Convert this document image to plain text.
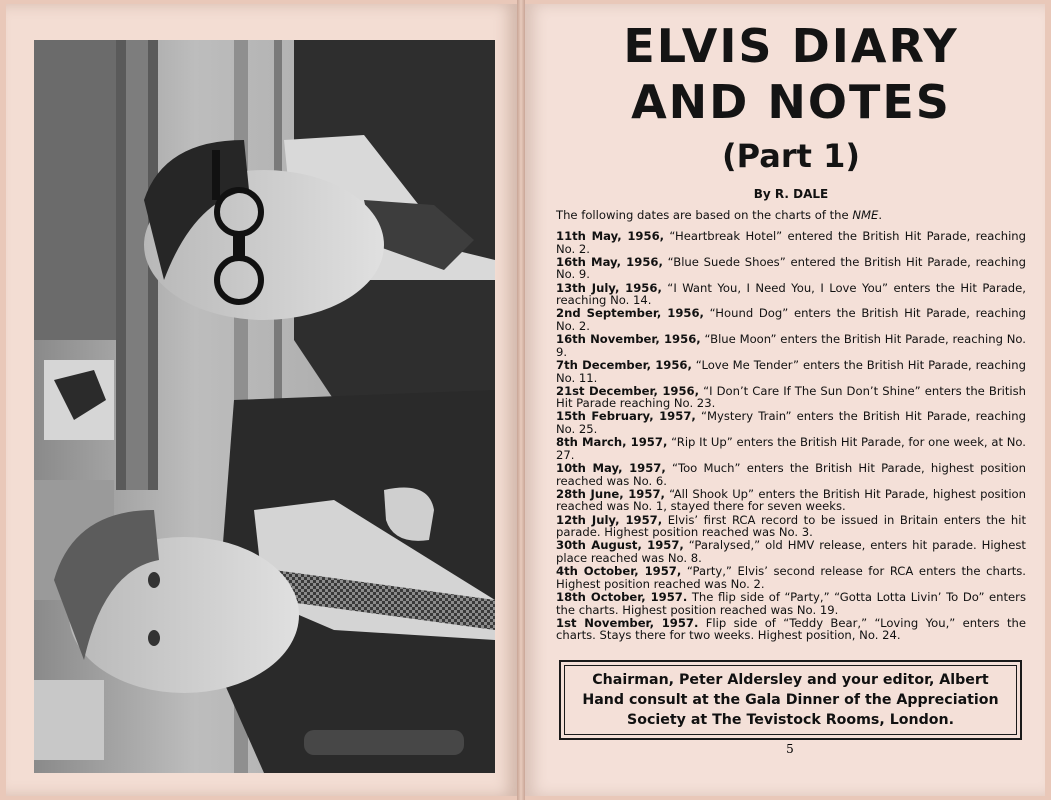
ELVIS DIARY
AND NOTES
(Part 1)

By R. DALE

The following dates are based on the charts of the NME.

11th May, 1956, “Heartbreak Hotel” entered the British Hit Parade, reaching No. 2.
16th May, 1956, “Blue Suede Shoes” entered the British Hit Parade, reaching No. 9.
13th July, 1956, “I Want You, I Need You, I Love You” enters the Hit Parade, reaching No. 14.
2nd September, 1956, “Hound Dog” enters the British Hit Parade, reaching No. 2.
16th November, 1956, “Blue Moon” enters the British Hit Parade, reaching No. 9.
7th December, 1956, “Love Me Tender” enters the British Hit Parade, reaching No. 11.
21st December, 1956, “I Don’t Care If The Sun Don’t Shine” enters the British Hit Parade reaching No. 23.
15th February, 1957, “Mystery Train” enters the British Hit Parade, reaching No. 25.
8th March, 1957, “Rip It Up” enters the British Hit Parade, for one week, at No. 27.
10th May, 1957, “Too Much” enters the British Hit Parade, highest position reached was No. 6.
28th June, 1957, “All Shook Up” enters the British Hit Parade, highest position reached was No. 1, stayed there for seven weeks.
12th July, 1957, Elvis’ first RCA record to be issued in Britain enters the hit parade. Highest position reached was No. 3.
30th August, 1957, “Paralysed,” old HMV release, enters hit parade. Highest place reached was No. 8.
4th October, 1957, “Party,” Elvis’ second release for RCA enters the charts. Highest position reached was No. 2.
18th October, 1957. The flip side of “Party,” “Gotta Lotta Livin’ To Do” enters the charts. Highest position reached was No. 19.
1st November, 1957. Flip side of “Teddy Bear,” “Loving You,” enters the charts. Stays there for two weeks. Highest position, No. 24.

Chairman, Peter Aldersley and your editor, Albert Hand consult at the Gala Dinner of the Appreciation Society at The Tevistock Rooms, London.

5
